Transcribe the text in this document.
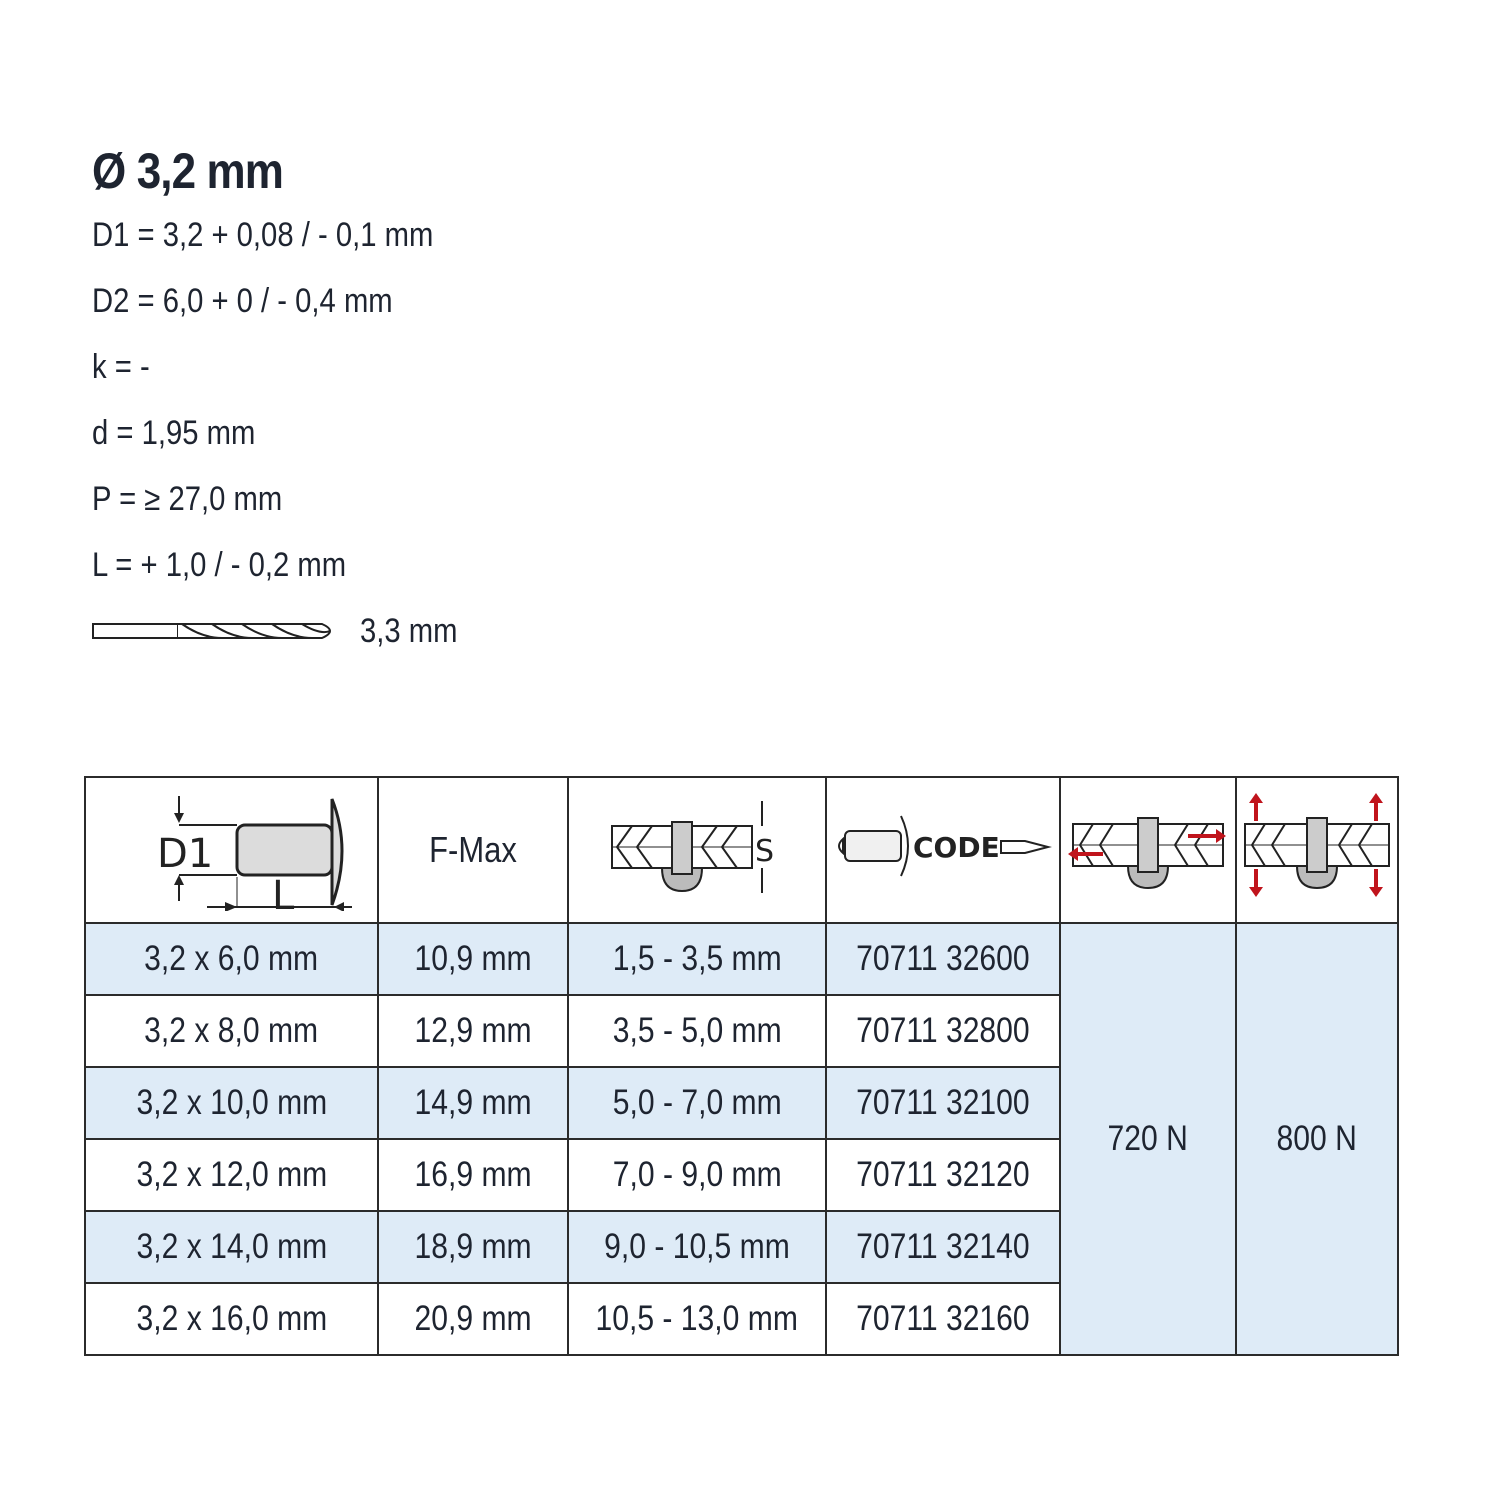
Ø 3,2 mm
D1 = 3,2 + 0,08 / - 0,1 mm
D2 = 6,0 + 0 / - 0,4 mm
k = -
d = 1,95 mm
P = ≥ 27,0 mm
L = + 1,0 / - 0,2 mm
3,3 mm
D1
L	F-Max	S	CODE

3,2 x 6,0 mm	10,9 mm	1,5 - 3,5 mm	70711 32600	720 N	800 N
3,2 x 8,0 mm	12,9 mm	3,5 - 5,0 mm	70711 32800		
3,2 x 10,0 mm	14,9 mm	5,0 - 7,0 mm	70711 32100		
3,2 x 12,0 mm	16,9 mm	7,0 - 9,0 mm	70711 32120		
3,2 x 14,0 mm	18,9 mm	9,0 - 10,5 mm	70711 32140		
3,2 x 16,0 mm	20,9 mm	10,5 - 13,0 mm	70711 32160		
